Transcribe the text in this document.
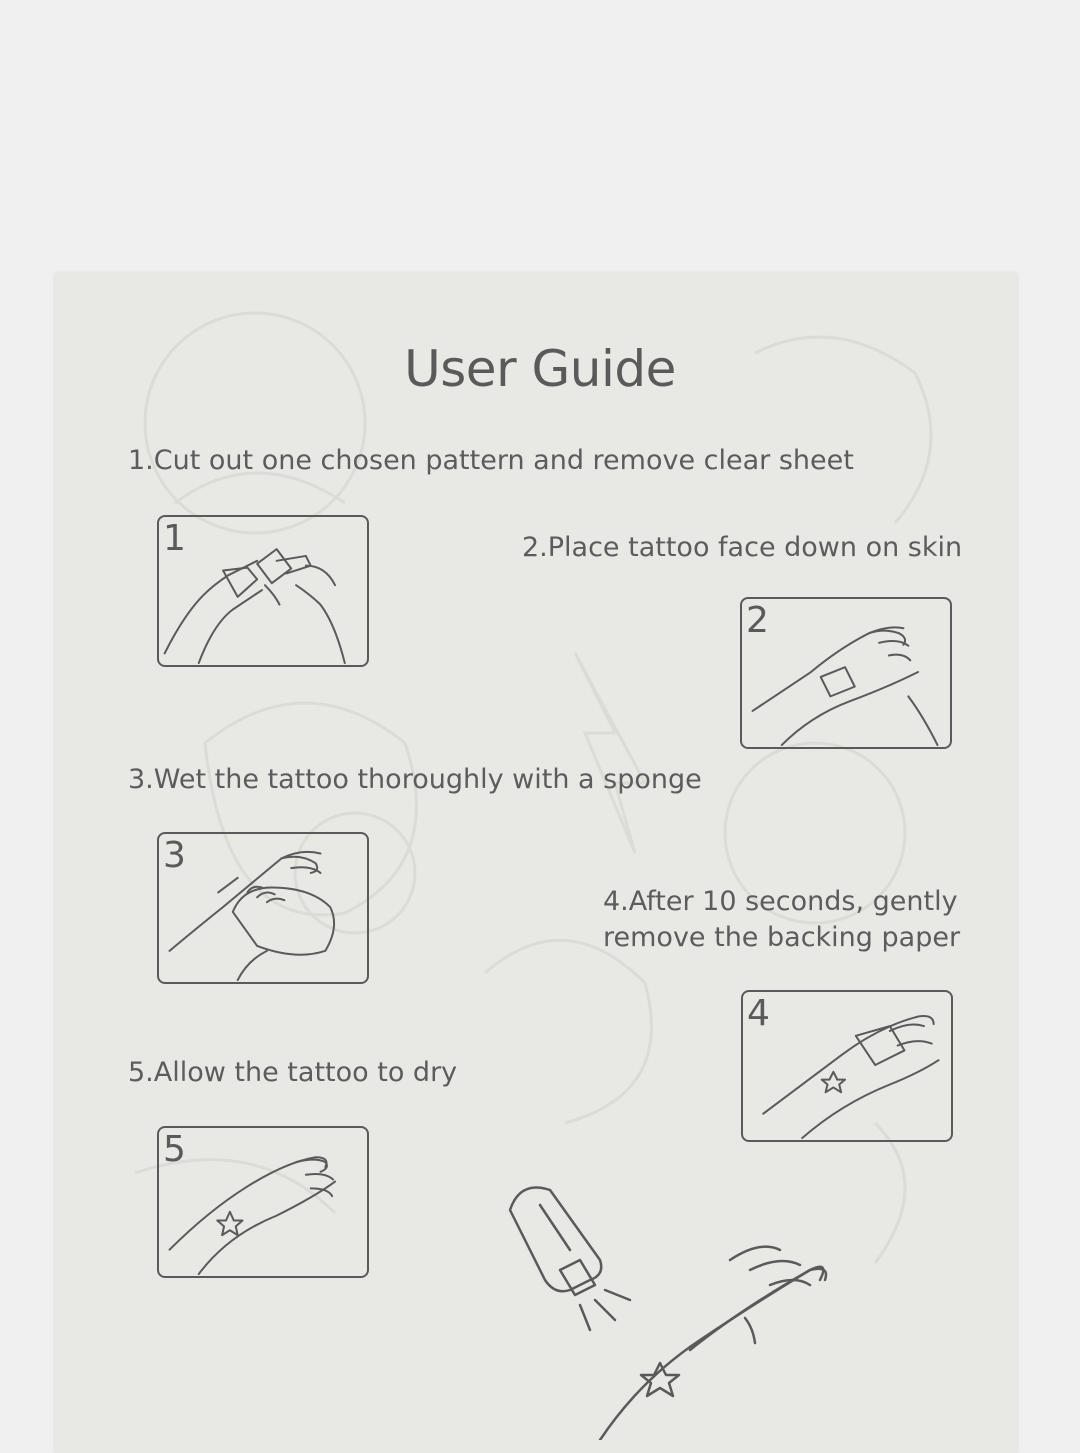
User Guide
1.Cut out one chosen pattern and remove clear sheet
2.Place tattoo face down on skin
3.Wet the tattoo thoroughly with a sponge
4.After 10 seconds, gently remove the backing paper
5.Allow the tattoo to dry
1
2
3
4
5
